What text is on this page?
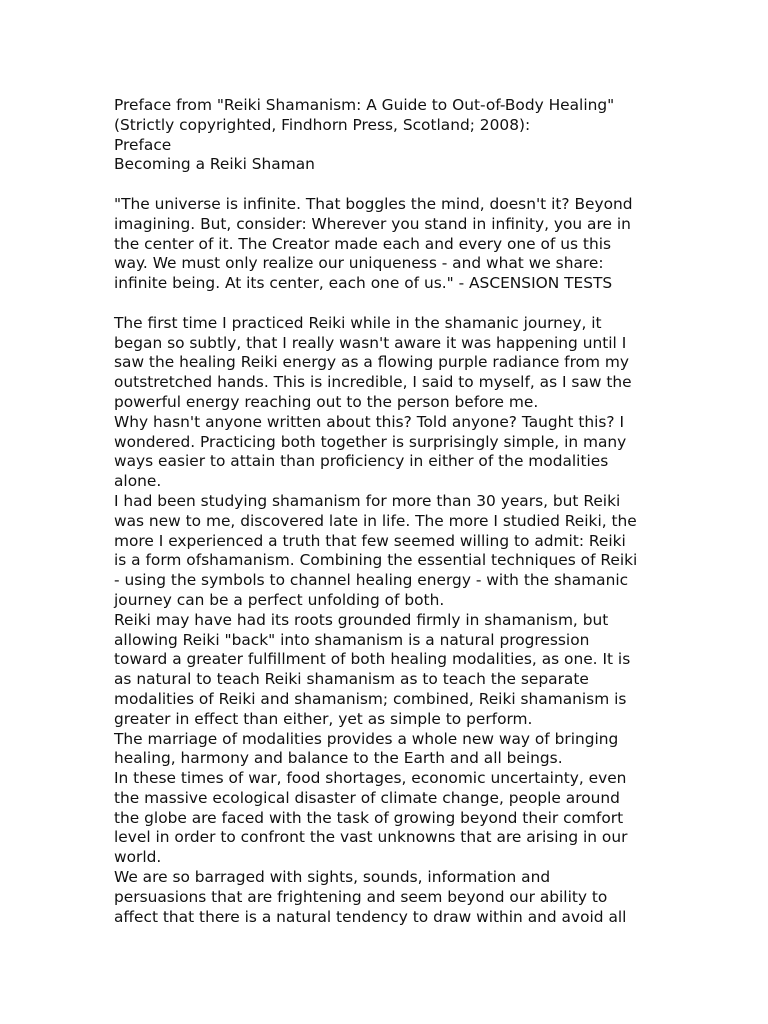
Preface from "Reiki Shamanism: A Guide to Out-of-Body Healing"
(Strictly copyrighted, Findhorn Press, Scotland; 2008):
Preface
Becoming a Reiki Shaman
"The universe is infinite. That boggles the mind, doesn't it? Beyond
imagining. But, consider: Wherever you stand in infinity, you are in
the center of it. The Creator made each and every one of us this
way. We must only realize our uniqueness - and what we share:
infinite being. At its center, each one of us." - ASCENSION TESTS
The first time I practiced Reiki while in the shamanic journey, it
began so subtly, that I really wasn't aware it was happening until I
saw the healing Reiki energy as a flowing purple radiance from my
outstretched hands. This is incredible, I said to myself, as I saw the
powerful energy reaching out to the person before me.
Why hasn't anyone written about this? Told anyone? Taught this? I
wondered. Practicing both together is surprisingly simple, in many
ways easier to attain than proficiency in either of the modalities
alone.
I had been studying shamanism for more than 30 years, but Reiki
was new to me, discovered late in life. The more I studied Reiki, the
more I experienced a truth that few seemed willing to admit: Reiki
is a form ofshamanism. Combining the essential techniques of Reiki
- using the symbols to channel healing energy - with the shamanic
journey can be a perfect unfolding of both.
Reiki may have had its roots grounded firmly in shamanism, but
allowing Reiki "back" into shamanism is a natural progression
toward a greater fulfillment of both healing modalities, as one. It is
as natural to teach Reiki shamanism as to teach the separate
modalities of Reiki and shamanism; combined, Reiki shamanism is
greater in effect than either, yet as simple to perform.
The marriage of modalities provides a whole new way of bringing
healing, harmony and balance to the Earth and all beings.
In these times of war, food shortages, economic uncertainty, even
the massive ecological disaster of climate change, people around
the globe are faced with the task of growing beyond their comfort
level in order to confront the vast unknowns that are arising in our
world.
We are so barraged with sights, sounds, information and
persuasions that are frightening and seem beyond our ability to
affect that there is a natural tendency to draw within and avoid all
